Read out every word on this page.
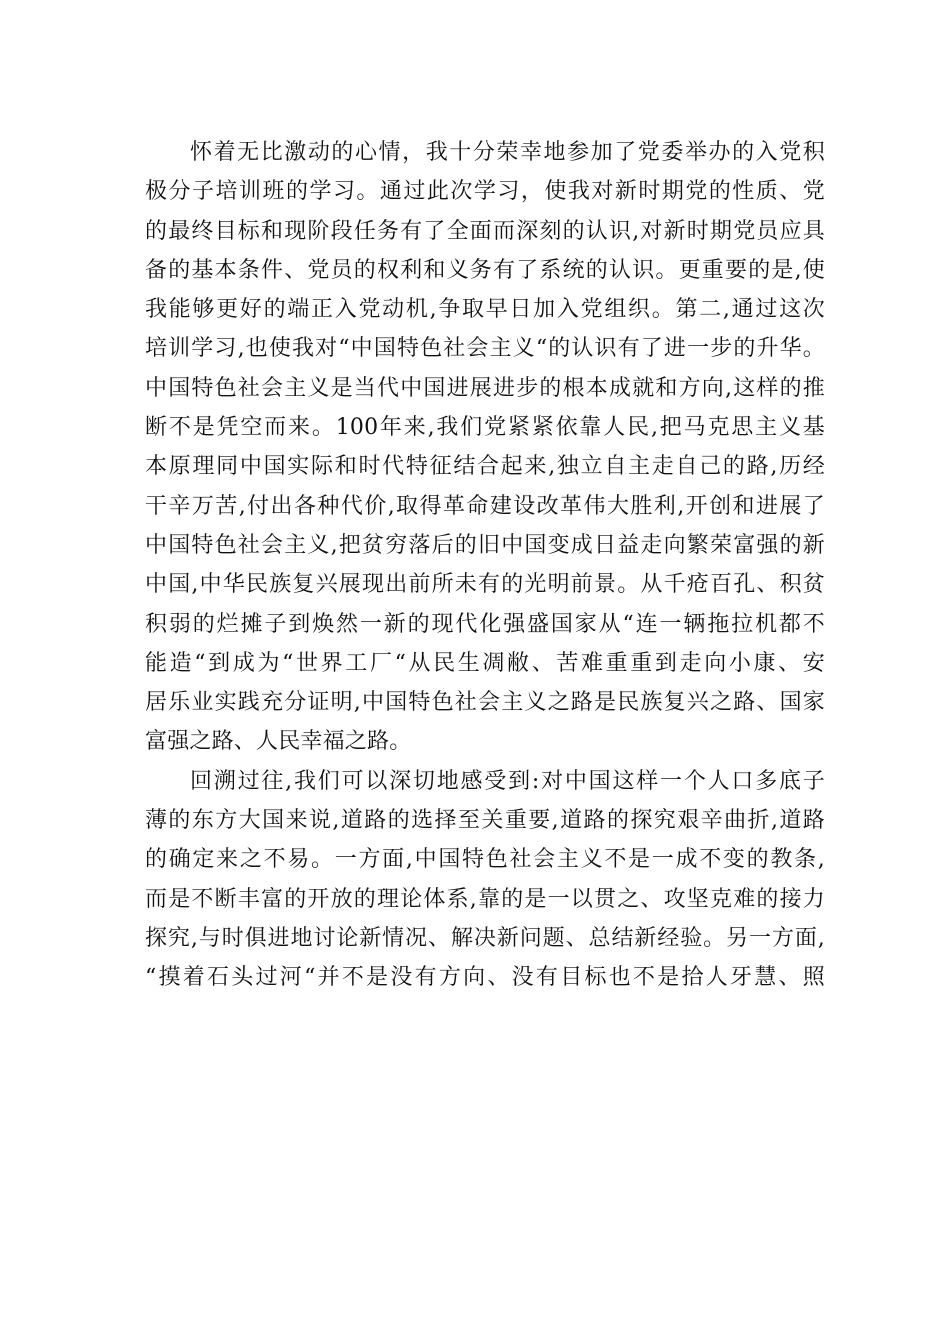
怀着无比激动的心情，我十分荣幸地参加了党委举办的入党积
极分子培训班的学习。通过此次学习，使我对新时期党的性质、党
的最终目标和现阶段任务有了全面而深刻的认识,对新时期党员应具
备的基本条件、党员的权利和义务有了系统的认识。更重要的是,使
我能够更好的端正入党动机,争取早日加入党组织。第二,通过这次
培训学习,也使我对“中国特色社会主义“的认识有了进一步的升华。
中国特色社会主义是当代中国进展进步的根本成就和方向,这样的推
断不是凭空而来。100年来,我们党紧紧依靠人民,把马克思主义基
本原理同中国实际和时代特征结合起来,独立自主走自己的路,历经
干辛万苦,付出各种代价,取得革命建设改革伟大胜利,开创和进展了
中国特色社会主义,把贫穷落后的旧中国变成日益走向繁荣富强的新
中国,中华民族复兴展现出前所未有的光明前景。从千疮百孔、积贫
积弱的烂摊子到焕然一新的现代化强盛国家从“连一辆拖拉机都不
能造“到成为“世界工厂“从民生凋敝、苦难重重到走向小康、安
居乐业实践充分证明,中国特色社会主义之路是民族复兴之路、国家
富强之路、人民幸福之路。

回溯过往,我们可以深切地感受到:对中国这样一个人口多底子
薄的东方大国来说,道路的选择至关重要,道路的探究艰辛曲折,道路
的确定来之不易。一方面,中国特色社会主义不是一成不变的教条,
而是不断丰富的开放的理论体系,靠的是一以贯之、攻坚克难的接力
探究,与时俱进地讨论新情况、解决新问题、总结新经验。另一方面,
“摸着石头过河“并不是没有方向、没有目标也不是拾人牙慧、照
